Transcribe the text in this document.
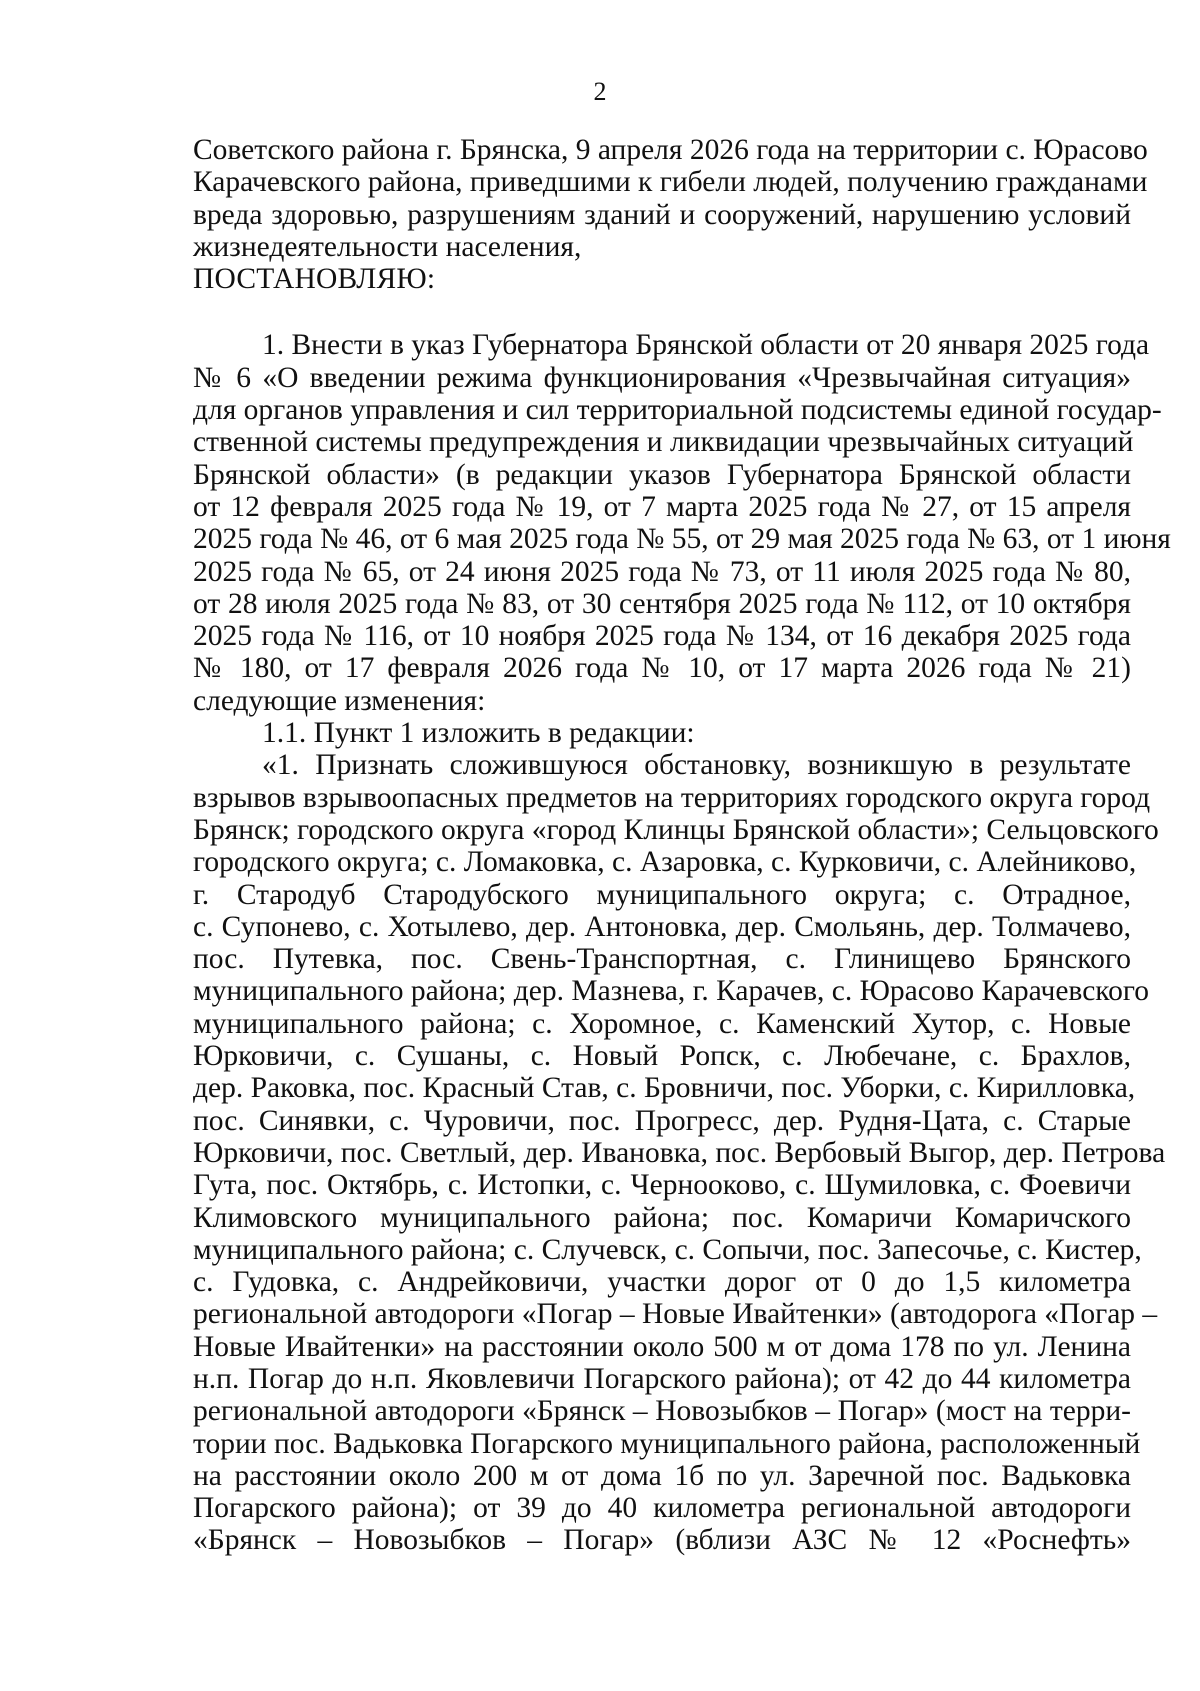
2
Советского района г. Брянска, 9 апреля 2026 года на территории с. Юрасово
Карачевского района, приведшими к гибели людей, получению гражданами
вреда здоровью, разрушениям зданий и сооружений, нарушению условий
жизнедеятельности населения,
ПОСТАНОВЛЯЮ:
1. Внести в указ Губернатора Брянской области от 20 января 2025 года
№ 6 «О введении режима функционирования «Чрезвычайная ситуация»
для органов управления и сил территориальной подсистемы единой государ-
ственной системы предупреждения и ликвидации чрезвычайных ситуаций
Брянской области» (в редакции указов Губернатора Брянской области
от 12 февраля 2025 года № 19, от 7 марта 2025 года № 27, от 15 апреля
2025 года № 46, от 6 мая 2025 года № 55, от 29 мая 2025 года № 63, от 1 июня
2025 года № 65, от 24 июня 2025 года № 73, от 11 июля 2025 года № 80,
от 28 июля 2025 года № 83, от 30 сентября 2025 года № 112, от 10 октября
2025 года № 116, от 10 ноября 2025 года № 134, от 16 декабря 2025 года
№ 180, от 17 февраля 2026 года № 10, от 17 марта 2026 года № 21)
следующие изменения:
1.1. Пункт 1 изложить в редакции:
«1. Признать сложившуюся обстановку, возникшую в результате
взрывов взрывоопасных предметов на территориях городского округа город
Брянск; городского округа «город Клинцы Брянской области»; Сельцовского
городского округа; с. Ломаковка, с. Азаровка, с. Курковичи, с. Алейниково,
г. Стародуб Стародубского муниципального округа; с. Отрадное,
с. Супонево, с. Хотылево, дер. Антоновка, дер. Смольянь, дер. Толмачево,
пос. Путевка, пос. Свень-Транспортная, с. Глинищево Брянского
муниципального района; дер. Мазнева, г. Карачев, с. Юрасово Карачевского
муниципального района; с. Хоромное, с. Каменский Хутор, с. Новые
Юрковичи, с. Сушаны, с. Новый Ропск, с. Любечане, с. Брахлов,
дер. Раковка, пос. Красный Став, с. Бровничи, пос. Уборки, с. Кирилловка,
пос. Синявки, с. Чуровичи, пос. Прогресс, дер. Рудня-Цата, с. Старые
Юрковичи, пос. Светлый, дер. Ивановка, пос. Вербовый Выгор, дер. Петрова
Гута, пос. Октябрь, с. Истопки, с. Чернооково, с. Шумиловка, с. Фоевичи
Климовского муниципального района; пос. Комаричи Комаричского
муниципального района; с. Случевск, с. Сопычи, пос. Запесочье, с. Кистер,
с. Гудовка, с. Андрейковичи, участки дорог от 0 до 1,5 километра
региональной автодороги «Погар – Новые Ивайтенки» (автодорога «Погар –
Новые Ивайтенки» на расстоянии около 500 м от дома 178 по ул. Ленина
н.п. Погар до н.п. Яковлевичи Погарского района); от 42 до 44 километра
региональной автодороги «Брянск – Новозыбков – Погар» (мост на терри-
тории пос. Вадьковка Погарского муниципального района, расположенный
на расстоянии около 200 м от дома 1б по ул. Заречной пос. Вадьковка
Погарского района); от 39 до 40 километра региональной автодороги
«Брянск – Новозыбков – Погар» (вблизи АЗС № 12 «Роснефть»
